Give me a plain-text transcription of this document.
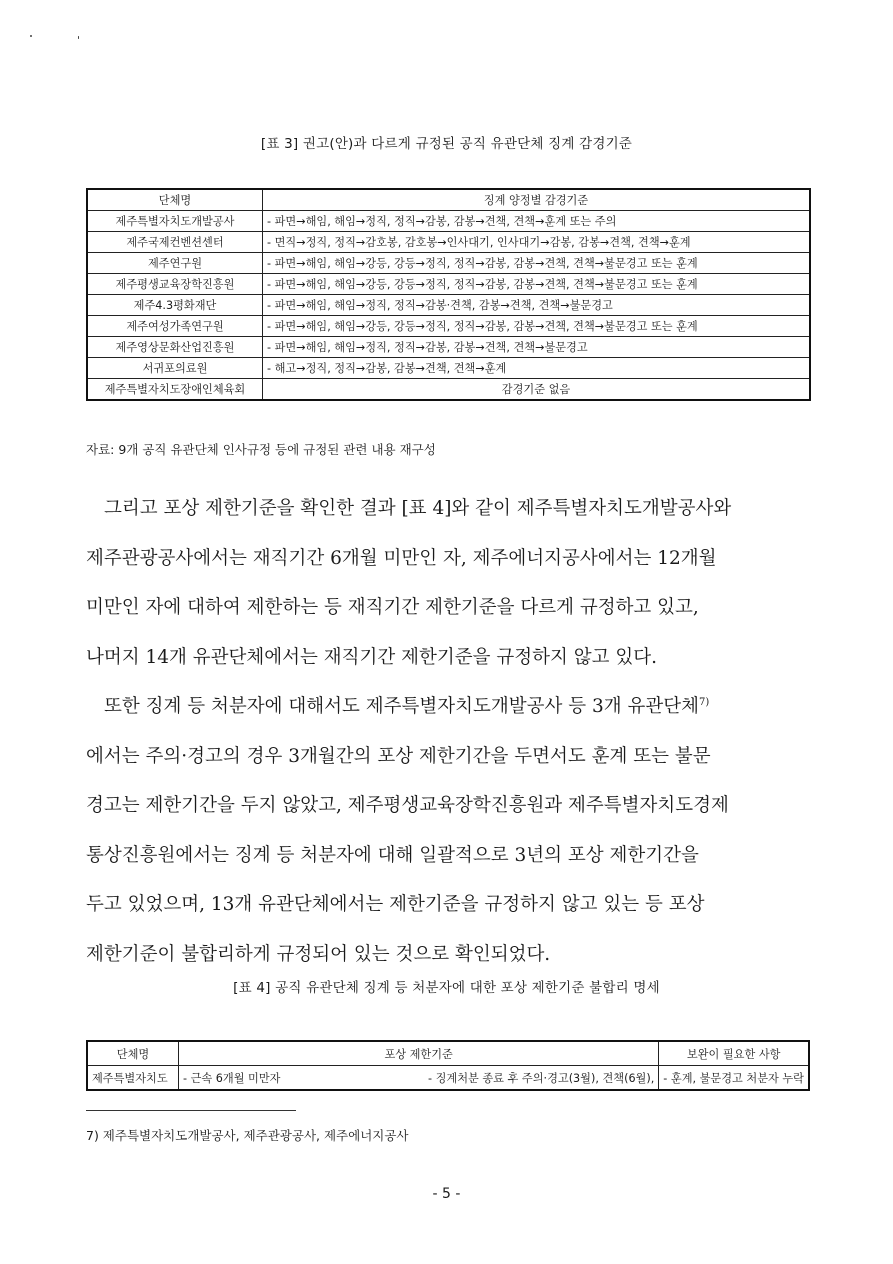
[표 3] 권고(안)과 다르게 규정된 공직 유관단체 징계 감경기준
단체명	징계 양정별 감경기준
제주특별자치도개발공사	- 파면→해임, 해임→정직, 정직→감봉, 감봉→견책, 견책→훈계 또는 주의
제주국제컨벤션센터	- 면직→정직, 정직→감호봉, 감호봉→인사대기, 인사대기→감봉, 감봉→견책, 견책→훈계
제주연구원	- 파면→해임, 해임→강등, 강등→정직, 정직→감봉, 감봉→견책, 견책→불문경고 또는 훈계
제주평생교육장학진흥원	- 파면→해임, 해임→강등, 강등→정직, 정직→감봉, 감봉→견책, 견책→불문경고 또는 훈계
제주4.3평화재단	- 파면→해임, 해임→정직, 정직→감봉·견책, 감봉→견책, 견책→불문경고
제주여성가족연구원	- 파면→해임, 해임→강등, 강등→정직, 정직→감봉, 감봉→견책, 견책→불문경고 또는 훈계
제주영상문화산업진흥원	- 파면→해임, 해임→정직, 정직→감봉, 감봉→견책, 견책→불문경고
서귀포의료원	- 해고→정직, 정직→감봉, 감봉→견책, 견책→훈계
제주특별자치도장애인체육회	감경기준 없음
자료: 9개 공직 유관단체 인사규정 등에 규정된 관련 내용 재구성
그리고 포상 제한기준을 확인한 결과 [표 4]와 같이 제주특별자치도개발공사와
제주관광공사에서는 재직기간 6개월 미만인 자, 제주에너지공사에서는 12개월
미만인 자에 대하여 제한하는 등 재직기간 제한기준을 다르게 규정하고 있고,
나머지 14개 유관단체에서는 재직기간 제한기준을 규정하지 않고 있다.
또한 징계 등 처분자에 대해서도 제주특별자치도개발공사 등 3개 유관단체$^{7)}$
에서는 주의·경고의 경우 3개월간의 포상 제한기간을 두면서도 훈계 또는 불문
경고는 제한기간을 두지 않았고, 제주평생교육장학진흥원과 제주특별자치도경제
통상진흥원에서는 징계 등 처분자에 대해 일괄적으로 3년의 포상 제한기간을
두고 있었으며, 13개 유관단체에서는 제한기준을 규정하지 않고 있는 등 포상
제한기준이 불합리하게 규정되어 있는 것으로 확인되었다.
[표 4] 공직 유관단체 징계 등 처분자에 대한 포상 제한기준 불합리 명세
단체명	포상 제한기준	보완이 필요한 사항
제주특별자치도	- 근속 6개월 미만자 - 징계처분 종료 후 주의·경고(3월), 견책(6월),	- 훈계, 불문경고 처분자 누락
7) 제주특별자치도개발공사, 제주관광공사, 제주에너지공사
- 5 -
